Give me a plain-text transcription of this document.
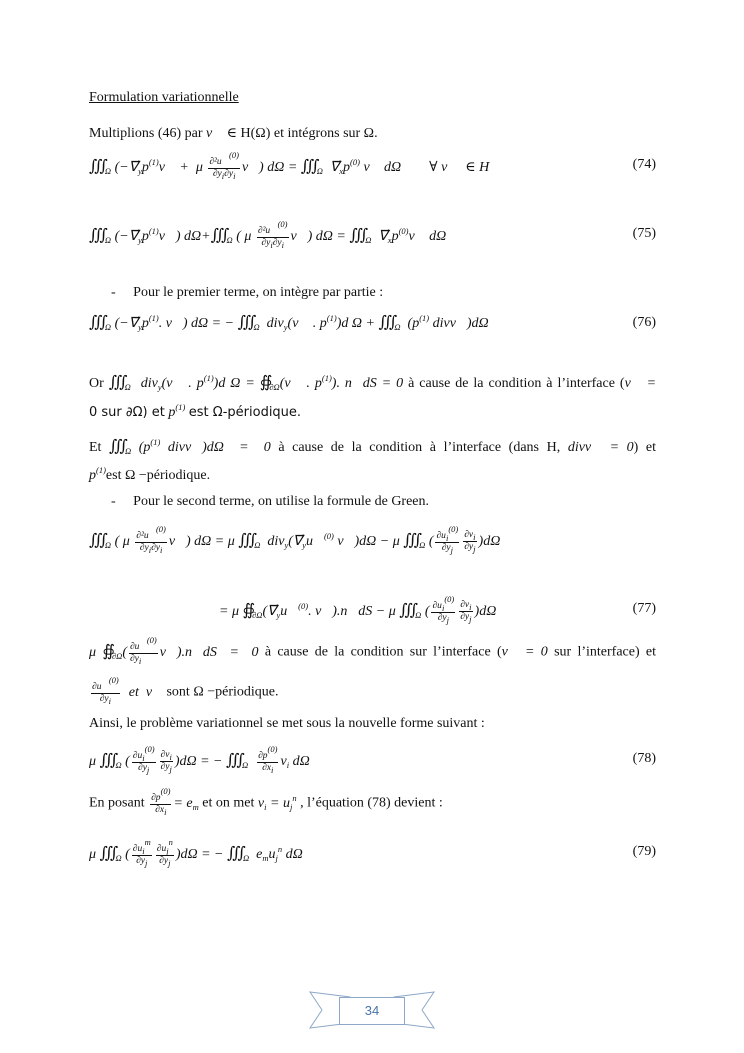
Formulation variationnelle
Multiplions (46) par v⃗ ∈ H(Ω) et intégrons sur Ω.
$∭_\Omega$ ($-\nabla⃗_yp^{(1)}v⃗ + \mu \frac{\partial^2u⃗^{(0)}}{\partial y_i\partial y_i}$ v⃗) $d\Omega = ∭_\Omega$  $\nabla⃗_xp^{(0)}$ v⃗ dΩ        ∀ v⃗  ∈ H	(74)
$∭_\Omega$ $(-\nabla⃗_yp^{(1)}v⃗)$ $d\Omega+∭_\Omega$ ( μ $\frac{\partial^2u⃗^{(0)}}{\partial y_i\partial y_i}$ v⃗) $d\Omega = ∭_\Omega$  $\nabla⃗_xp^{(0)}v⃗$ dΩ	(75)
- Pour le premier terme, on intègre par partie :
$∭_\Omega$ ($-\nabla⃗_yp^{(1)}$. v⃗) dΩ = − $∭_\Omega$  div$_y$(v⃗ . $p^{(1)})d$ $\Omega + ∭_\Omega$  ($p^{(1)}$ divv⃗)dΩ	(76)
Or $∭_\Omega$  div$_y$(v⃗ . $p^{(1)})d$ $\Omega = ∯_{\partial\Omega}(v⃗$ . $p^{(1)}$). n⃗dS = 0 à cause de la condition à l’interface (v⃗ =
0 sur ∂Ω) et $p^{(1)}$ est Ω-périodique.
Et $∭_\Omega$ ($p^{(1)}$ divv⃗)dΩ  =  0 à cause de la condition à l’interface (dans H, divv⃗ = 0) et
$p^{(1)}est$ Ω −périodique.
- Pour le second terme, on utilise la formule de Green.
$∭_\Omega$ ( μ $\frac{\partial^2u⃗^{(0)}}{\partial y_i\partial y_i}$ v⃗) dΩ = μ $∭_\Omega$  $div_y(\nabla⃗_yu⃗^{(0)}$ v⃗)dΩ − μ $∭_\Omega$ ( $\frac{\partial u_i^{(0)}}{\partial y_j} \frac{\partial v_i}{\partial y_j} )d\Omega$
= μ $∯_{\partial\Omega}(\nabla⃗_yu⃗^{(0)}$. v⃗).n⃗dS − μ $∭_\Omega$ ( $\frac{\partial u_i^{(0)}}{\partial y_j} \frac{\partial v_i}{\partial y_j} )d\Omega$	(77)
μ $∯_{\partial\Omega}( \frac{\partial u⃗^{(0)}}{\partial y_i}$ v⃗).n⃗dS  =  0 à cause de la condition sur l’interface (v⃗ = 0 sur l’interface) et
$\frac{\partial u⃗^{(0)}}{\partial y_i}$ et  v⃗ sont Ω −périodique.
Ainsi, le problème variationnel se met sous la nouvelle forme suivant :
μ $∭_\Omega$ ( $\frac{\partial u_i^{(0)}}{\partial y_j} \frac{\partial v_i}{\partial y_j} )d\Omega$ = − $∭_\Omega \frac{\partial p^{(0)}}{\partial x_i} v_i$ dΩ	(78)
En posant $\frac{\partial p^{(0)}}{\partial x_i} = e_m$ et on met $v_i = u_j^n$ , l’équation (78) devient :
μ $∭_\Omega$ ( $\frac{\partial u_i^m}{\partial y_j} \frac{\partial u_j^n}{\partial y_j} )d\Omega$ = − $∭_\Omega$  $e_mu_j^n$ dΩ	(79)
34
